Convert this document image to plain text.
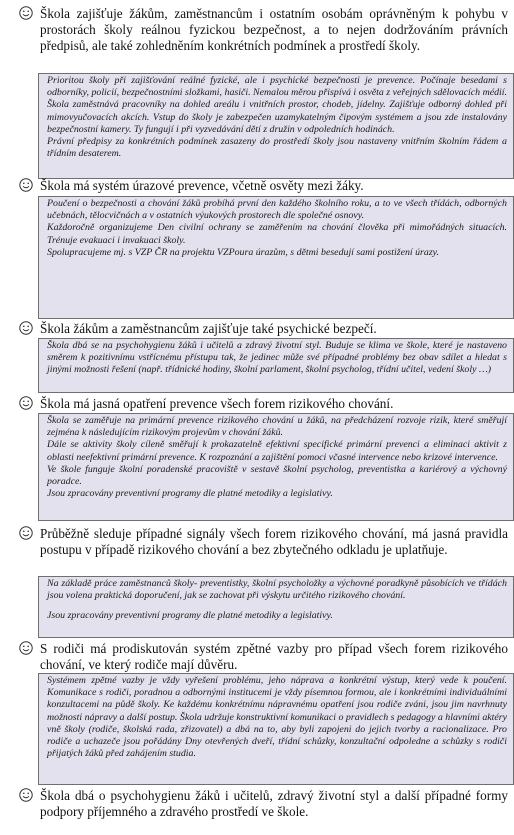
Škola zajišťuje žákům, zaměstnancům i ostatním osobám oprávněným k pohybu v prostorách školy reálnou fyzickou bezpečnost, a to nejen dodržováním právních předpisů, ale také zohledněním konkrétních podmínek a prostředí školy.

Prioritou školy při zajišťování reálné fyzické, ale i psychické bezpečnosti je prevence. Počínaje besedami s odborníky, policií, bezpečnostními složkami, hasiči. Nemalou měrou přispívá i osvěta z veřejných sdělovacích médií. Škola zaměstnává pracovníky na dohled areálu i vnitřních prostor, chodeb, jídelny. Zajišťuje odborný dohled při mimovyučovacích akcích. Vstup do školy je zabezpečen uzamykatelným čipovým systémem a jsou zde instalovány bezpečnostní kamery. Ty fungují i při vyzvedávání dětí z družin v odpoledních hodinách.

Právní předpisy za konkrétních podmínek zasazeny do prostředí školy jsou nastaveny vnitřním školním řádem a třídním desaterem.

Škola má systém úrazové prevence, včetně osvěty mezi žáky.

Poučení o bezpečnosti a chování žáků probíhá první den každého školního roku, a to ve všech třídách, odborných učebnách, tělocvičnách a v ostatních výukových prostorech dle společné osnovy.

Každoročně organizujeme Den civilní ochrany se zaměřením na chování člověka při mimořádných situacích. Trénuje evakuaci i invakuaci školy.

Spolupracujeme mj. s VZP ČR na projektu VZPoura úrazům, s dětmi besedují sami postižení úrazy.

Škola žákům a zaměstnancům zajišťuje také psychické bezpečí.

Škola dbá se na psychohygienu žáků i učitelů a zdravý životní styl. Buduje se klima ve škole, které je nastaveno směrem k pozitivnímu vstřícnému přístupu tak, že jedinec může své případné problémy bez obav sdílet a hledat s jinými možnosti řešení (např. třídnické hodiny, školní parlament, školní psycholog, třídní učitel, vedení školy …)

Škola má jasná opatření prevence všech forem rizikového chování.

Škola se zaměřuje na primární prevence rizikového chování u žáků, na předcházení rozvoje rizik, které směřují zejména k následujícím rizikovým projevům v chování žáků.

Dále se aktivity školy cíleně směřují k prokazatelně efektivní specifické primární prevenci a eliminaci aktivit z oblasti neefektivní primární prevence. K rozpoznání a zajištění pomoci včasné intervence nebo krizové intervence.

Ve škole funguje školní poradenské pracoviště v sestavě školní psycholog, preventistka a kariérový a výchovný poradce.

Jsou zpracovány preventivní programy dle platné metodiky a legislativy.

Průběžně sleduje případné signály všech forem rizikového chování, má jasná pravidla postupu v případě rizikového chování a bez zbytečného odkladu je uplatňuje.

Na základě práce zaměstnanců školy- preventistky, školní psycholožky a výchovné poradkyně působících ve třídách jsou volena praktická doporučení, jak se zachovat při výskytu určitého rizikového chování.

Jsou zpracovány preventivní programy dle platné metodiky a legislativy.

S rodiči má prodiskutován systém zpětné vazby pro případ všech forem rizikového chování, ve který rodiče mají důvěru.

Systémem zpětné vazby je vždy vyřešení problému, jeho náprava a konkrétní výstup, který vede k poučení. Komunikace s rodiči, poradnou a odbornými institucemi je vždy písemnou formou, ale i konkrétními individuálními konzultacemi na půdě školy. Ke každému konkrétnímu nápravnému opatření jsou rodiče zváni, jsou jim navrhnuty možnosti nápravy a další postup. Škola udržuje konstruktivní komunikaci o pravidlech s pedagogy a hlavními aktéry vně školy (rodiče, školská rada, zřizovatel) a dbá na to, aby byli zapojeni do jejich tvorby a racionalizace. Pro rodiče a uchazeče jsou pořádány Dny otevřených dveří, třídní schůzky, konzultační odpoledne a schůzky s rodiči přijatých žáků před zahájením studia.

Škola dbá o psychohygienu žáků i učitelů, zdravý životní styl a další případné formy podpory příjemného a zdravého prostředí ve škole.
